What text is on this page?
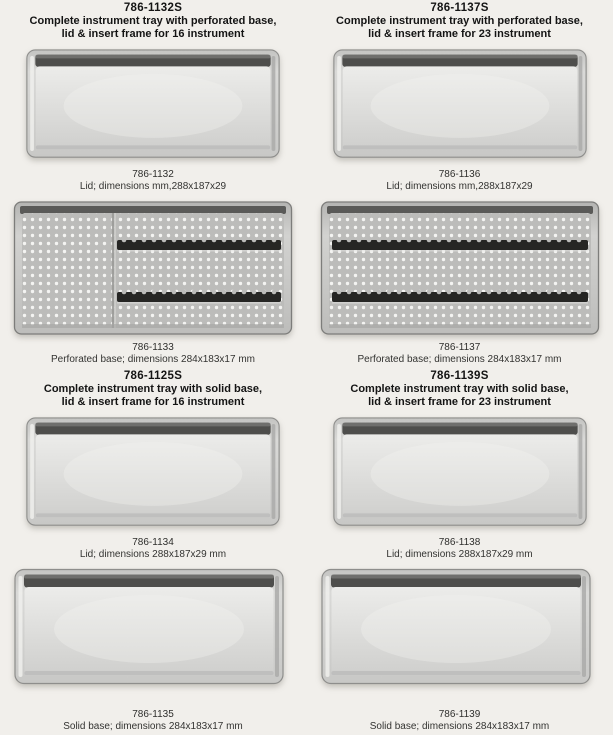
786-1132S
Complete instrument tray with perforated base,
lid & insert frame for 16 instrument
786-1132
Lid; dimensions mm,288x187x29
786-1133
Perforated base; dimensions 284x183x17 mm
786-1137S
Complete instrument tray with perforated base,
lid & insert frame for 23 instrument
786-1136
Lid; dimensions mm,288x187x29
786-1137
Perforated base; dimensions 284x183x17 mm
786-1125S
Complete instrument tray with solid base,
lid & insert frame for 16 instrument
786-1134
Lid; dimensions 288x187x29 mm
786-1135
Solid base; dimensions 284x183x17 mm
786-1139S
Complete instrument tray with solid base,
lid & insert frame for 23 instrument
786-1138
Lid; dimensions 288x187x29 mm
786-1139
Solid base; dimensions 284x183x17 mm
